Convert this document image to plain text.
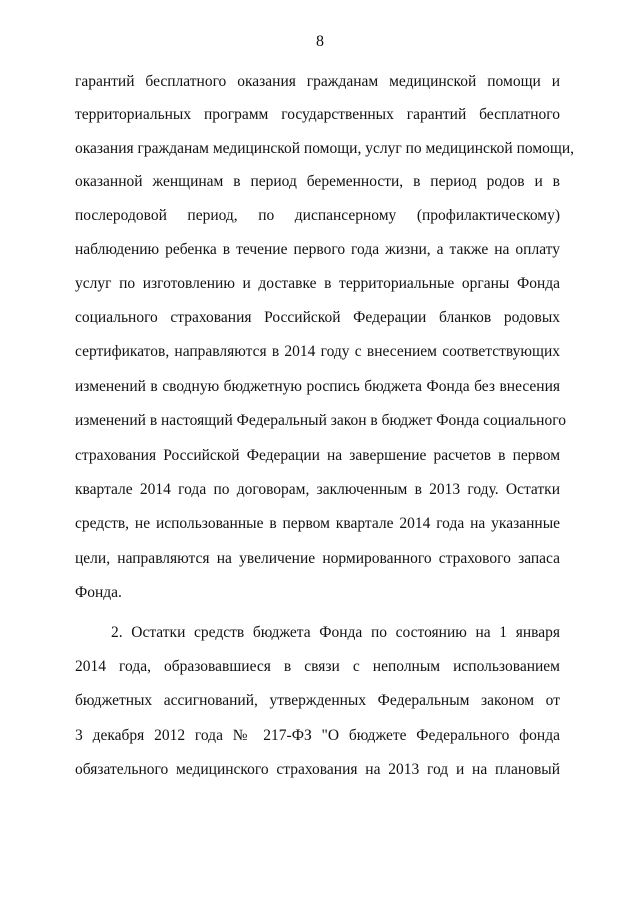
8
гарантий бесплатного оказания гражданам медицинской помощи и
территориальных программ государственных гарантий бесплатного
оказания гражданам медицинской помощи, услуг по медицинской помощи,
оказанной женщинам в период беременности, в период родов и в
послеродовой период, по диспансерному (профилактическому)
наблюдению ребенка в течение первого года жизни, а также на оплату
услуг по изготовлению и доставке в территориальные органы Фонда
социального страхования Российской Федерации бланков родовых
сертификатов, направляются в 2014 году с внесением соответствующих
изменений в сводную бюджетную роспись бюджета Фонда без внесения
изменений в настоящий Федеральный закон в бюджет Фонда социального
страхования Российской Федерации на завершение расчетов в первом
квартале 2014 года по договорам, заключенным в 2013 году. Остатки
средств, не использованные в первом квартале 2014 года на указанные
цели, направляются на увеличение нормированного страхового запаса
Фонда.
2. Остатки средств бюджета Фонда по состоянию на 1 января
2014 года, образовавшиеся в связи с неполным использованием
бюджетных ассигнований, утвержденных Федеральным законом от
3 декабря 2012 года № 217-ФЗ "О бюджете Федерального фонда
обязательного медицинского страхования на 2013 год и на плановый
